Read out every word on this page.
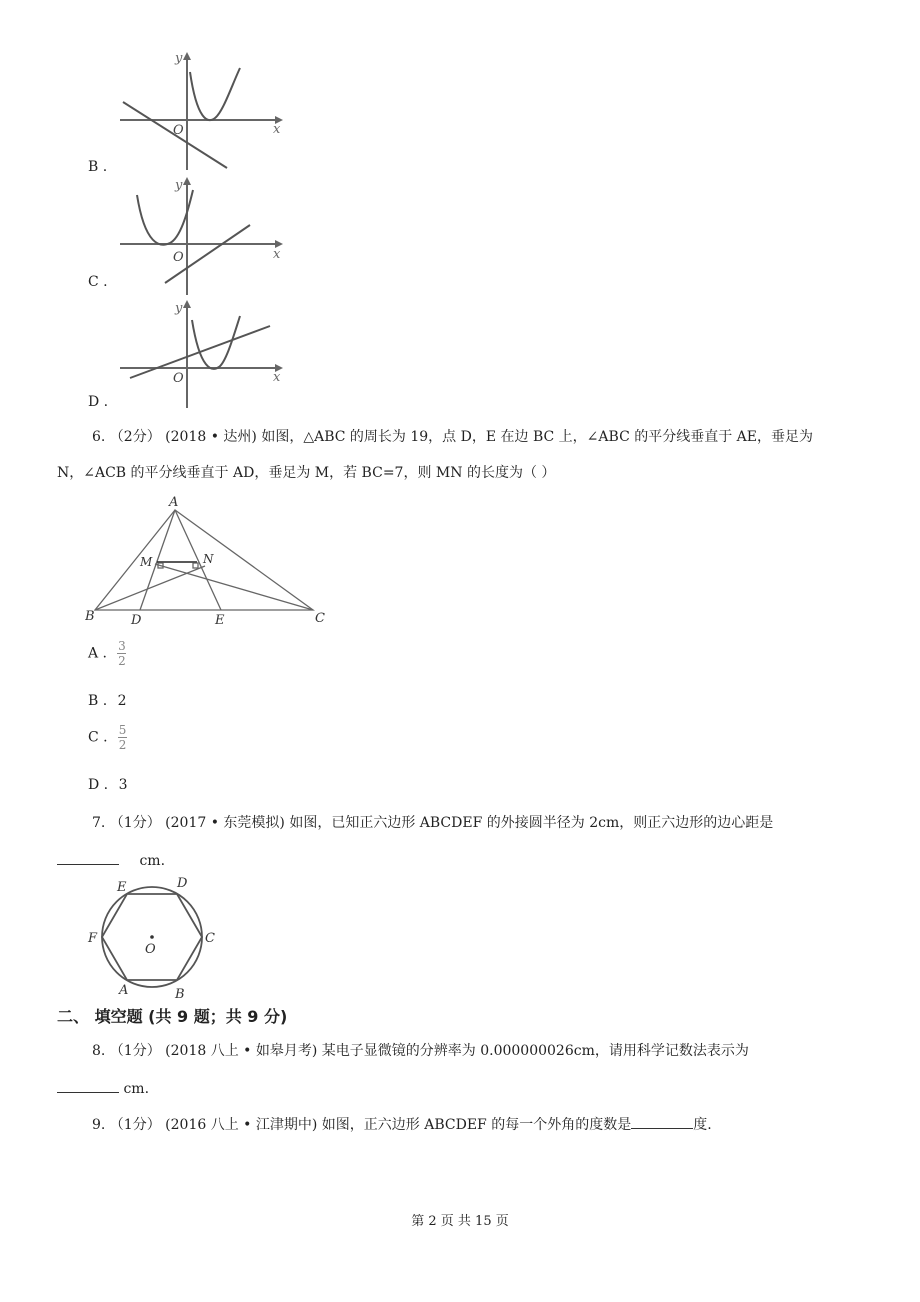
B .
x
y
O
C .
x
y
O
D .
x
y
O
6. （2分） (2018 • 达州) 如图，△ABC 的周长为 19，点 D，E 在边 BC 上，∠ABC 的平分线垂直于 AE，垂足为
N，∠ACB 的平分线垂直于 AD，垂足为 M，若 BC=7，则 MN 的长度为（ ）
A
B	C
D	E
M	N
A . $\frac{3}{2}$
B . 2
C . $\frac{5}{2}$
D . 3
7. （1分） (2017 • 东莞模拟) 如图，已知正六边形 ABCDEF 的外接圆半径为 2cm，则正六边形的边心距是
cm.
O
A	B
C
D
E
F
二、 填空题 (共 9 题；共 9 分)
8. （1分） (2018 八上 • 如皋月考) 某电子显微镜的分辨率为 0.000000026cm，请用科学记数法表示为
cm.
9. （1分） (2016 八上 • 江津期中) 如图，正六边形 ABCDEF 的每一个外角的度数是	度.
第 2 页 共 15 页
